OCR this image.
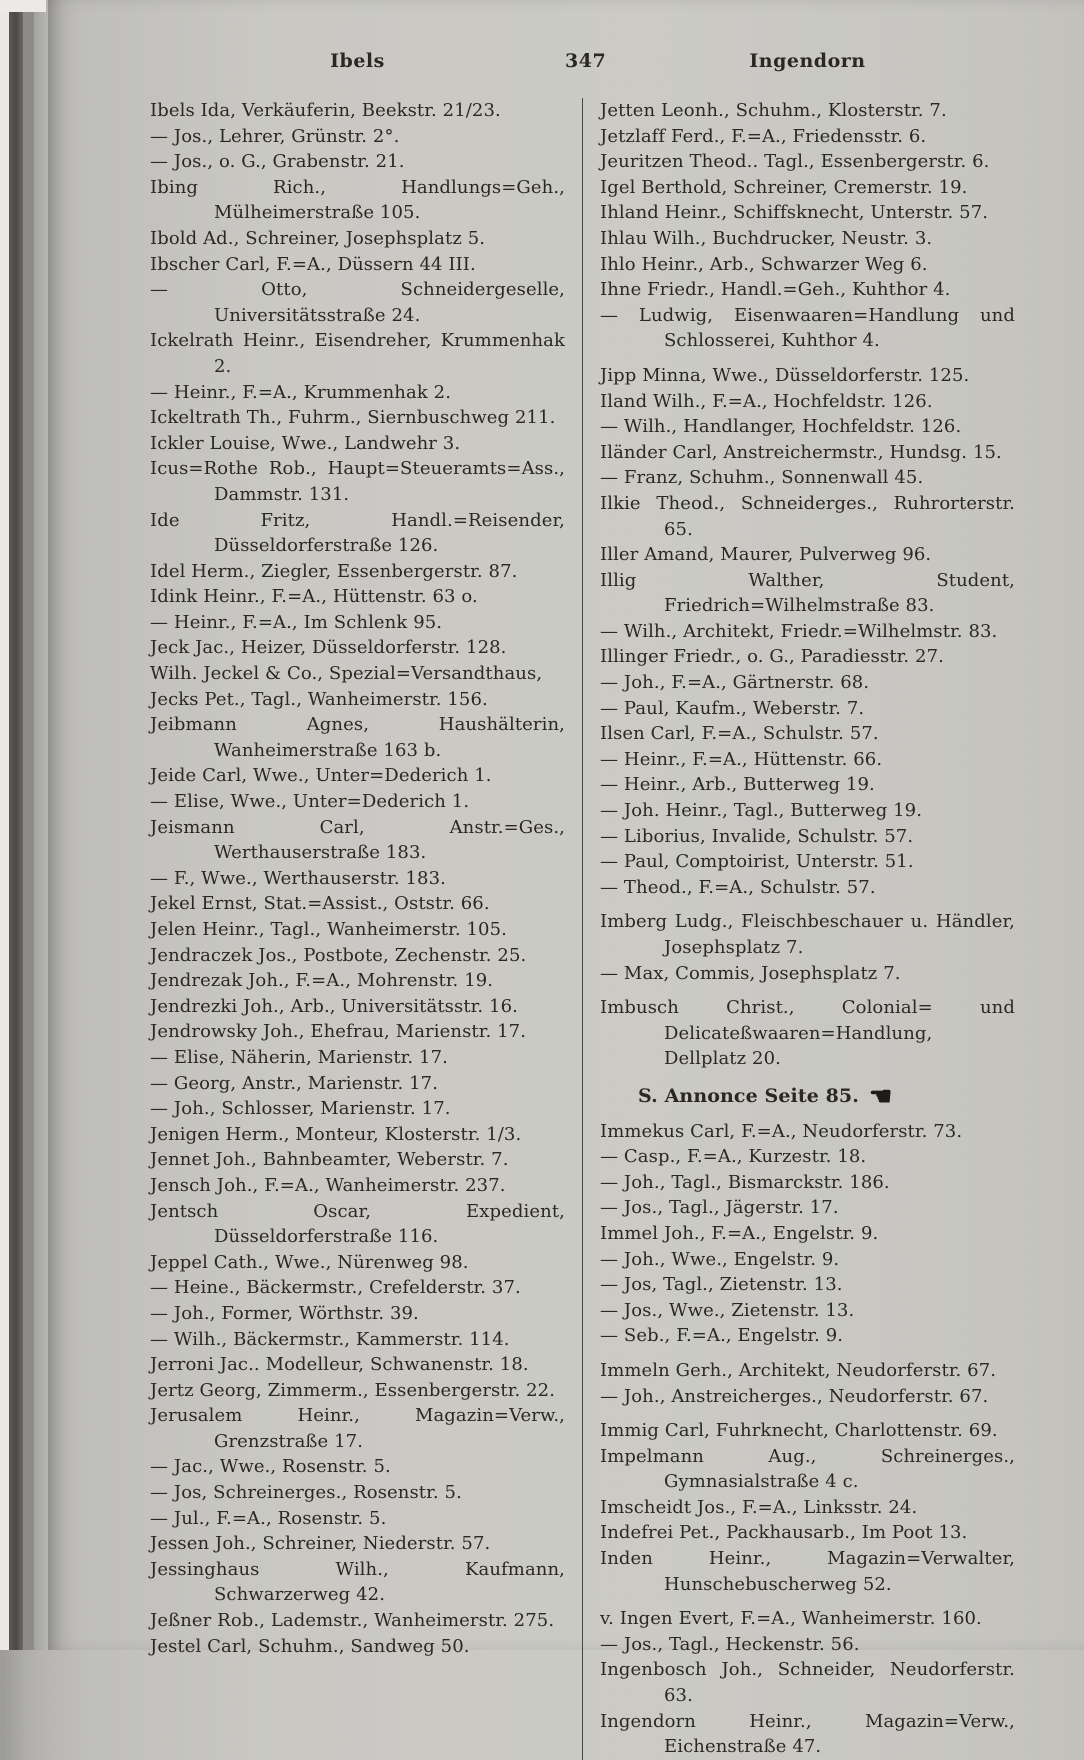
Ibels	347	Ingendorn
Ibels Ida, Verkäuferin, Beekstr. 21/23.
— Jos., Lehrer, Grünstr. 2°.
— Jos., o. G., Grabenstr. 21.
Ibing Rich., Handlungs=Geh., Mülheimerstraße 105.
Ibold Ad., Schreiner, Josephsplatz 5.
Ibscher Carl, F.=A., Düssern 44 III.
— Otto, Schneidergeselle, Universitätsstraße 24.
Ickelrath Heinr., Eisendreher, Krummenhak 2.
— Heinr., F.=A., Krummenhak 2.
Ickeltrath Th., Fuhrm., Siernbuschweg 211.
Ickler Louise, Wwe., Landwehr 3.
Icus=Rothe Rob., Haupt=Steueramts=Ass., Dammstr. 131.
Ide Fritz, Handl.=Reisender, Düsseldorferstraße 126.
Idel Herm., Ziegler, Essenbergerstr. 87.
Idink Heinr., F.=A., Hüttenstr. 63 o.
— Heinr., F.=A., Im Schlenk 95.
Jeck Jac., Heizer, Düsseldorferstr. 128.
Wilh. Jeckel & Co., Spezial=Versandthaus,
Jecks Pet., Tagl., Wanheimerstr. 156.
Jeibmann Agnes, Haushälterin, Wanheimerstraße 163 b.
Jeide Carl, Wwe., Unter=Dederich 1.
— Elise, Wwe., Unter=Dederich 1.
Jeismann Carl, Anstr.=Ges., Werthauserstraße 183.
— F., Wwe., Werthauserstr. 183.
Jekel Ernst, Stat.=Assist., Oststr. 66.
Jelen Heinr., Tagl., Wanheimerstr. 105.
Jendraczek Jos., Postbote, Zechenstr. 25.
Jendrezak Joh., F.=A., Mohrenstr. 19.
Jendrezki Joh., Arb., Universitätsstr. 16.
Jendrowsky Joh., Ehefrau, Marienstr. 17.
— Elise, Näherin, Marienstr. 17.
— Georg, Anstr., Marienstr. 17.
— Joh., Schlosser, Marienstr. 17.
Jenigen Herm., Monteur, Klosterstr. 1/3.
Jennet Joh., Bahnbeamter, Weberstr. 7.
Jensch Joh., F.=A., Wanheimerstr. 237.
Jentsch Oscar, Expedient, Düsseldorferstraße 116.
Jeppel Cath., Wwe., Nürenweg 98.
— Heine., Bäckermstr., Crefelderstr. 37.
— Joh., Former, Wörthstr. 39.
— Wilh., Bäckermstr., Kammerstr. 114.
Jerroni Jac.. Modelleur, Schwanenstr. 18.
Jertz Georg, Zimmerm., Essenbergerstr. 22.
Jerusalem Heinr., Magazin=Verw., Grenzstraße 17.
— Jac., Wwe., Rosenstr. 5.
— Jos, Schreinerges., Rosenstr. 5.
— Jul., F.=A., Rosenstr. 5.
Jessen Joh., Schreiner, Niederstr. 57.
Jessinghaus Wilh., Kaufmann, Schwarzerweg 42.
Jeßner Rob., Lademstr., Wanheimerstr. 275.
Jestel Carl, Schuhm., Sandweg 50.
Jetten Leonh., Schuhm., Klosterstr. 7.
Jetzlaff Ferd., F.=A., Friedensstr. 6.
Jeuritzen Theod.. Tagl., Essenbergerstr. 6.
Igel Berthold, Schreiner, Cremerstr. 19.
Ihland Heinr., Schiffsknecht, Unterstr. 57.
Ihlau Wilh., Buchdrucker, Neustr. 3.
Ihlo Heinr., Arb., Schwarzer Weg 6.
Ihne Friedr., Handl.=Geh., Kuhthor 4.
— Ludwig, Eisenwaaren=Handlung und Schlosserei, Kuhthor 4.
Jipp Minna, Wwe., Düsseldorferstr. 125.
Iland Wilh., F.=A., Hochfeldstr. 126.
— Wilh., Handlanger, Hochfeldstr. 126.
Iländer Carl, Anstreichermstr., Hundsg. 15.
— Franz, Schuhm., Sonnenwall 45.
Ilkie Theod., Schneiderges., Ruhrorterstr. 65.
Iller Amand, Maurer, Pulverweg 96.
Illig Walther, Student, Friedrich=Wilhelmstraße 83.
— Wilh., Architekt, Friedr.=Wilhelmstr. 83.
Illinger Friedr., o. G., Paradiesstr. 27.
— Joh., F.=A., Gärtnerstr. 68.
— Paul, Kaufm., Weberstr. 7.
Ilsen Carl, F.=A., Schulstr. 57.
— Heinr., F.=A., Hüttenstr. 66.
— Heinr., Arb., Butterweg 19.
— Joh. Heinr., Tagl., Butterweg 19.
— Liborius, Invalide, Schulstr. 57.
— Paul, Comptoirist, Unterstr. 51.
— Theod., F.=A., Schulstr. 57.
Imberg Ludg., Fleischbeschauer u. Händler, Josephsplatz 7.
— Max, Commis, Josephsplatz 7.
Imbusch Christ., Colonial= und Delicateßwaaren=Handlung, Dellplatz 20.
S. Annonce Seite 85. ☚
Immekus Carl, F.=A., Neudorferstr. 73.
— Casp., F.=A., Kurzestr. 18.
— Joh., Tagl., Bismarckstr. 186.
— Jos., Tagl., Jägerstr. 17.
Immel Joh., F.=A., Engelstr. 9.
— Joh., Wwe., Engelstr. 9.
— Jos, Tagl., Zietenstr. 13.
— Jos., Wwe., Zietenstr. 13.
— Seb., F.=A., Engelstr. 9.
Immeln Gerh., Architekt, Neudorferstr. 67.
— Joh., Anstreicherges., Neudorferstr. 67.
Immig Carl, Fuhrknecht, Charlottenstr. 69.
Impelmann Aug., Schreinerges., Gymnasialstraße 4 c.
Imscheidt Jos., F.=A., Linksstr. 24.
Indefrei Pet., Packhausarb., Im Poot 13.
Inden Heinr., Magazin=Verwalter, Hunschebuscherweg 52.
v. Ingen Evert, F.=A., Wanheimerstr. 160.
— Jos., Tagl., Heckenstr. 56.
Ingenbosch Joh., Schneider, Neudorferstr. 63.
Ingendorn Heinr., Magazin=Verw., Eichenstraße 47.
